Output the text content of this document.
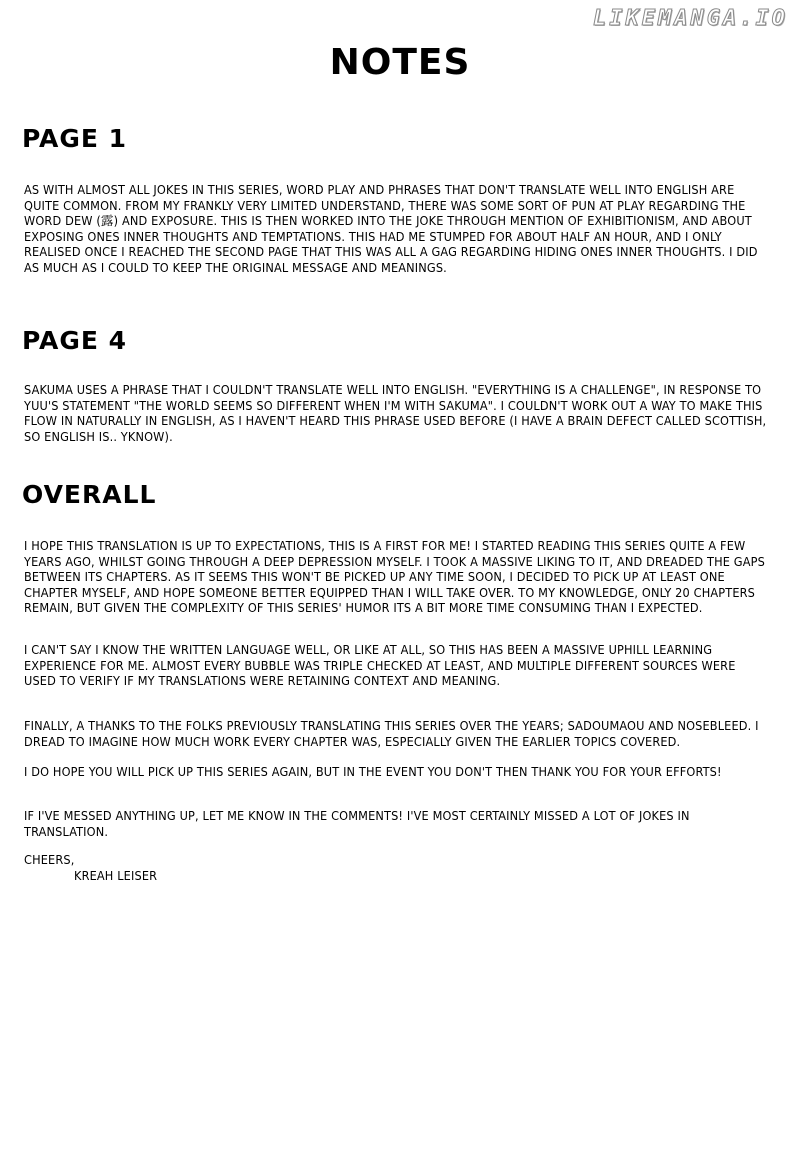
LIKEMANGA.IO
NOTES
PAGE 1

AS WITH ALMOST ALL JOKES IN THIS SERIES, WORD PLAY AND PHRASES THAT DON'T TRANSLATE WELL INTO ENGLISH ARE QUITE COMMON. FROM MY FRANKLY VERY LIMITED UNDERSTAND, THERE WAS SOME SORT OF PUN AT PLAY REGARDING THE WORD DEW (露) AND EXPOSURE. THIS IS THEN WORKED INTO THE JOKE THROUGH MENTION OF EXHIBITIONISM, AND ABOUT EXPOSING ONES INNER THOUGHTS AND TEMPTATIONS. THIS HAD ME STUMPED FOR ABOUT HALF AN HOUR, AND I ONLY REALISED ONCE I REACHED THE SECOND PAGE THAT THIS WAS ALL A GAG REGARDING HIDING ONES INNER THOUGHTS. I DID AS MUCH AS I COULD TO KEEP THE ORIGINAL MESSAGE AND MEANINGS.

PAGE 4

SAKUMA USES A PHRASE THAT I COULDN'T TRANSLATE WELL INTO ENGLISH. "EVERYTHING IS A CHALLENGE", IN RESPONSE TO YUU'S STATEMENT "THE WORLD SEEMS SO DIFFERENT WHEN I'M WITH SAKUMA". I COULDN'T WORK OUT A WAY TO MAKE THIS FLOW IN NATURALLY IN ENGLISH, AS I HAVEN'T HEARD THIS PHRASE USED BEFORE (I HAVE A BRAIN DEFECT CALLED SCOTTISH, SO ENGLISH IS.. YKNOW).

OVERALL

I HOPE THIS TRANSLATION IS UP TO EXPECTATIONS, THIS IS A FIRST FOR ME! I STARTED READING THIS SERIES QUITE A FEW YEARS AGO, WHILST GOING THROUGH A DEEP DEPRESSION MYSELF. I TOOK A MASSIVE LIKING TO IT, AND DREADED THE GAPS BETWEEN ITS CHAPTERS. AS IT SEEMS THIS WON'T BE PICKED UP ANY TIME SOON, I DECIDED TO PICK UP AT LEAST ONE CHAPTER MYSELF, AND HOPE SOMEONE BETTER EQUIPPED THAN I WILL TAKE OVER. TO MY KNOWLEDGE, ONLY 20 CHAPTERS REMAIN, BUT GIVEN THE COMPLEXITY OF THIS SERIES' HUMOR ITS A BIT MORE TIME CONSUMING THAN I EXPECTED.

I CAN'T SAY I KNOW THE WRITTEN LANGUAGE WELL, OR LIKE AT ALL, SO THIS HAS BEEN A MASSIVE UPHILL LEARNING EXPERIENCE FOR ME. ALMOST EVERY BUBBLE WAS TRIPLE CHECKED AT LEAST, AND MULTIPLE DIFFERENT SOURCES WERE USED TO VERIFY IF MY TRANSLATIONS WERE RETAINING CONTEXT AND MEANING.

FINALLY, A THANKS TO THE FOLKS PREVIOUSLY TRANSLATING THIS SERIES OVER THE YEARS; SADOUMAOU AND NOSEBLEED. I DREAD TO IMAGINE HOW MUCH WORK EVERY CHAPTER WAS, ESPECIALLY GIVEN THE EARLIER TOPICS COVERED.

I DO HOPE YOU WILL PICK UP THIS SERIES AGAIN, BUT IN THE EVENT YOU DON'T THEN THANK YOU FOR YOUR EFFORTS!

IF I'VE MESSED ANYTHING UP, LET ME KNOW IN THE COMMENTS! I'VE MOST CERTAINLY MISSED A LOT OF JOKES IN TRANSLATION.

CHEERS,
KREAH LEISER
